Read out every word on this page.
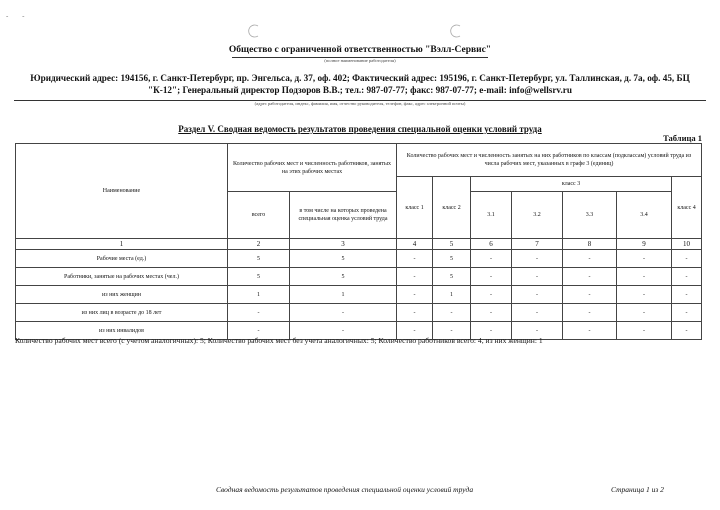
- -
Общество с ограниченной ответственностью "Вэлл-Сервис"
(полное наименование работодателя)
Юридический адрес: 194156, г. Санкт-Петербург, пр. Энгельса, д. 37, оф. 402; Фактический адрес: 195196, г. Санкт-Петербург, ул. Таллинская, д. 7а, оф. 45, БЦ "К-12"; Генеральный директор Подзоров В.В.; тел.: 987-07-77; факс: 987-07-77; e-mail: info@wellsrv.ru
(адрес работодателя, индекс, фамилия, имя, отчество руководителя, телефон, факс, адрес электронной почты)
Раздел V. Сводная ведомость результатов проведения специальной оценки условий труда
Таблица 1
Наименование	Количество рабочих мест и численность работников, занятых на этих рабочих местах		Количество рабочих мест и численность занятых на них работников по классам (подклассам) условий труда из числа рабочих мест, указанных в графе 3 (единиц)						
			класс 1	класс 2	класс 3				класс 4
	всего	в том числе на которых проведена специальная оценка условий труда			3.1	3.2	3.3	3.4	
1	2	3	4	5	6	7	8	9	10
Рабочие места (ед.)	5	5	-	5	-	-	-	-	-
Работники, занятые на рабочих местах (чел.)	5	5	-	5	-	-	-	-	-
из них женщин	1	1	-	1	-	-	-	-	-
из них лиц в возрасте до 18 лет	-	-	-	-	-	-	-	-	-
из них инвалидов	-	-	-	-	-	-	-	-	-
Количество рабочих мест всего (с учетом аналогичных): 5; Количество рабочих мест без учета аналогичных: 5; Количество работников всего: 4, из них женщин: 1
Сводная ведомость результатов проведения специальной оценки условий труда	Страница 1 из 2
